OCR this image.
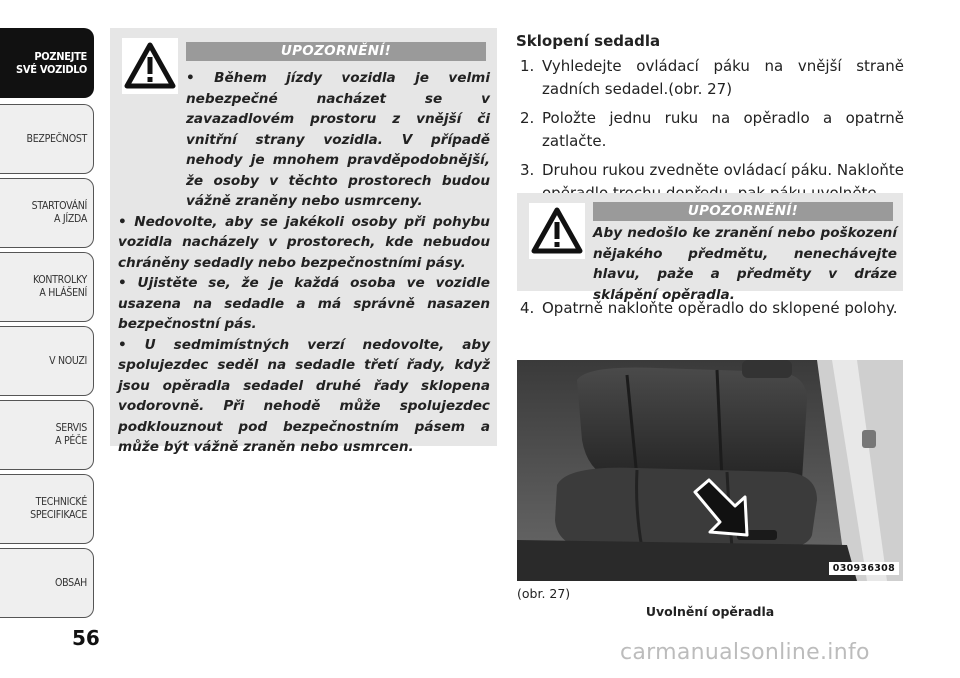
POZNEJTE
SVÉ VOZIDLO
BEZPEČNOST
STARTOVÁNÍ
A JÍZDA
KONTROLKY
A HLÁŠENÍ
V NOUZI
SERVIS
A PÉČE
TECHNICKÉ
SPECIFIKACE
OBSAH
56
UPOZORNĚNÍ!

• Během jízdy vozidla je velmi nebezpečné nacházet se v zavazadlovém prostoru z vnější či vnitřní strany vozidla. V případě nehody je mnohem pravděpodobnější, že osoby v těchto prostorech budou vážně zraněny nebo usmrceny.

• Nedovolte, aby se jakékoli osoby při pohybu vozidla nacházely v prostorech, kde nebudou chráněny sedadly nebo bezpečnostními pásy.

• Ujistěte se, že je každá osoba ve vozidle usazena na sedadle a má správně nasazen bezpečnostní pás.

• U sedmimístných verzí nedovolte, aby spolujezdec seděl na sedadle třetí řady, když jsou opěradla sedadel druhé řady sklopena vodorovně. Při nehodě může spolujezdec podklouznout pod bezpečnostním pásem a může být vážně zraněn nebo usmrcen.

Sklopení sedadla
1. Vyhledejte ovládací páku na vnější straně zadních sedadel.(obr. 27)
2. Položte jednu ruku na opěradlo a opatrně zatlačte.
3. Druhou rukou zvedněte ovládací páku. Nakloňte
UPOZORNĚNÍ!

Aby nedošlo ke zranění nebo poškození nějakého předmětu, nenechávejte hlavu, paže a předměty v dráze sklápění opěradla.

4. Opatrně nakloňte opěradlo do sklopené polohy.
030936308
(obr. 27)
Uvolnění opěradla
carmanualsonline.info
